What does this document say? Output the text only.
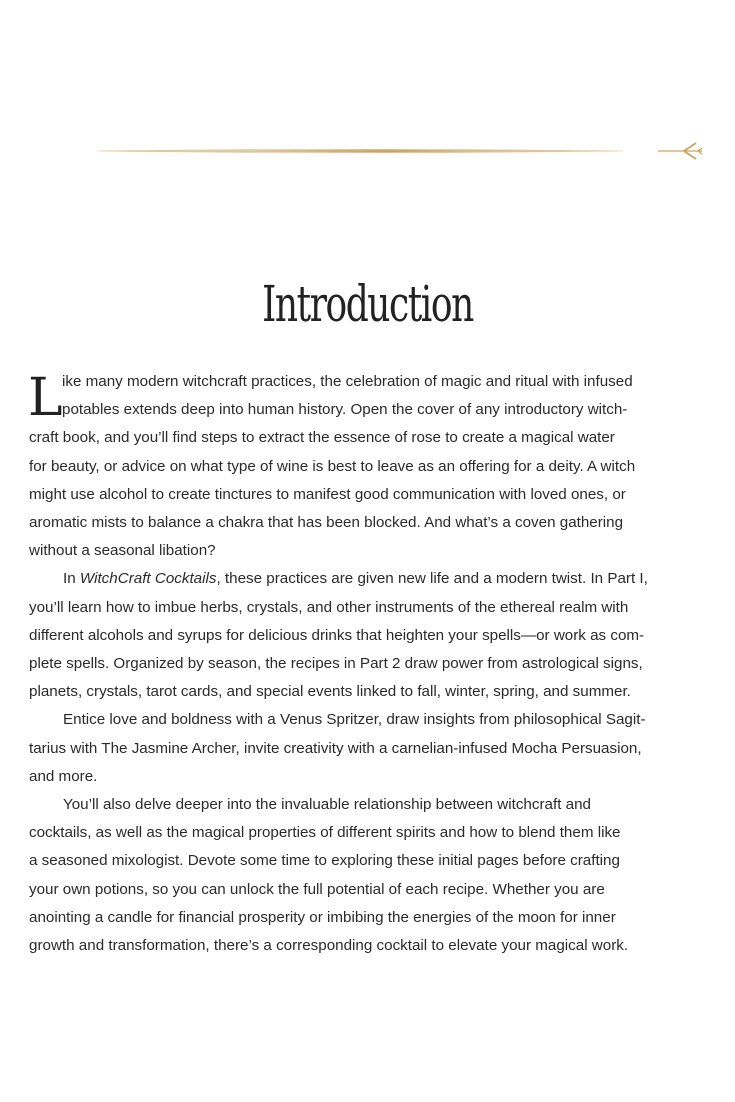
Introduction
L ike many modern witchcraft practices, the celebration of magic and ritual with infused
potables extends deep into human history. Open the cover of any introductory witch-
craft book, and you’ll find steps to extract the essence of rose to create a magical water
for beauty, or advice on what type of wine is best to leave as an offering for a deity. A witch
might use alcohol to create tinctures to manifest good communication with loved ones, or
aromatic mists to balance a chakra that has been blocked. And what’s a coven gathering
without a seasonal libation?
In WitchCraft Cocktails, these practices are given new life and a modern twist. In Part I,
you’ll learn how to imbue herbs, crystals, and other instruments of the ethereal realm with
different alcohols and syrups for delicious drinks that heighten your spells—or work as com-
plete spells. Organized by season, the recipes in Part 2 draw power from astrological signs,
planets, crystals, tarot cards, and special events linked to fall, winter, spring, and summer.
Entice love and boldness with a Venus Spritzer, draw insights from philosophical Sagit-
tarius with The Jasmine Archer, invite creativity with a carnelian-infused Mocha Persuasion,
and more.
You’ll also delve deeper into the invaluable relationship between witchcraft and
cocktails, as well as the magical properties of different spirits and how to blend them like
a seasoned mixologist. Devote some time to exploring these initial pages before crafting
your own potions, so you can unlock the full potential of each recipe. Whether you are
anointing a candle for financial prosperity or imbibing the energies of the moon for inner
growth and transformation, there’s a corresponding cocktail to elevate your magical work.
